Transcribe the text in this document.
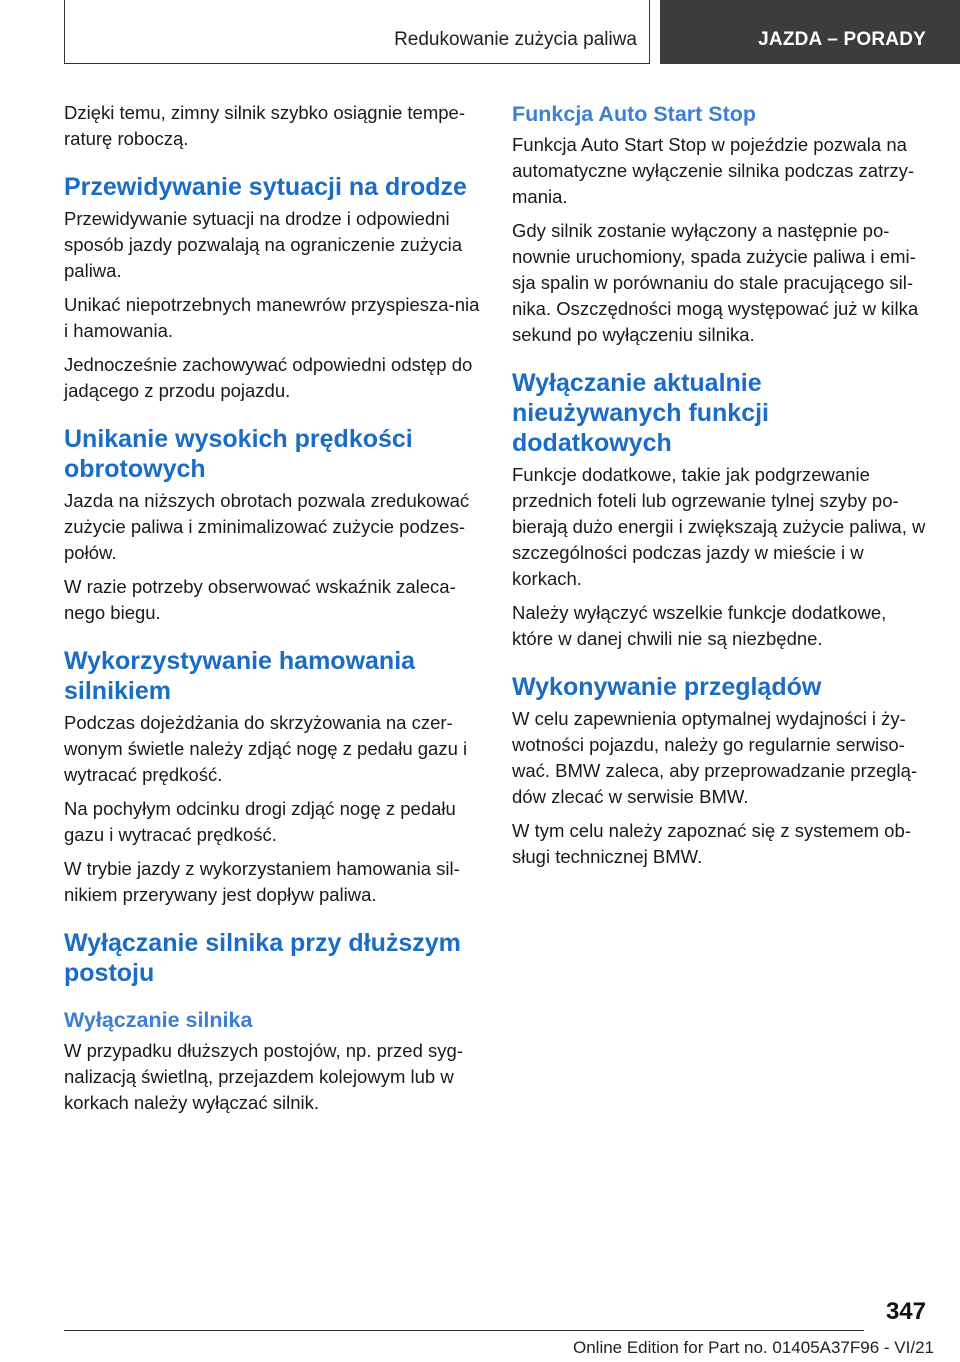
Redukowanie zużycia paliwa	JAZDA – PORADY

Dzięki temu, zimny silnik szybko osiągnie tempe-raturę roboczą.

Przewidywanie sytuacji na drodze

Przewidywanie sytuacji na drodze i odpowiedni sposób jazdy pozwalają na ograniczenie zużycia paliwa.

Unikać niepotrzebnych manewrów przyspiesza-nia i hamowania.

Jednocześnie zachowywać odpowiedni odstęp do jadącego z przodu pojazdu.

Unikanie wysokich prędkości obrotowych

Jazda na niższych obrotach pozwala zredukować zużycie paliwa i zminimalizować zużycie podzes-połów.

W razie potrzeby obserwować wskaźnik zaleca-nego biegu.

Wykorzystywanie hamowania silnikiem

Podczas dojeżdżania do skrzyżowania na czer-wonym świetle należy zdjąć nogę z pedału gazu i wytracać prędkość.

Na pochyłym odcinku drogi zdjąć nogę z pedału gazu i wytracać prędkość.

W trybie jazdy z wykorzystaniem hamowania sil-nikiem przerywany jest dopływ paliwa.

Wyłączanie silnika przy dłuższym postoju
Wyłączanie silnika

W przypadku dłuższych postojów, np. przed syg-nalizacją świetlną, przejazdem kolejowym lub w korkach należy wyłączać silnik.

Funkcja Auto Start Stop

Funkcja Auto Start Stop w pojeździe pozwala na automatyczne wyłączenie silnika podczas zatrzy-mania.

Gdy silnik zostanie wyłączony a następnie po-nownie uruchomiony, spada zużycie paliwa i emi-sja spalin w porównaniu do stale pracującego sil-nika. Oszczędności mogą występować już w kilka sekund po wyłączeniu silnika.

Wyłączanie aktualnie nieużywanych funkcji dodatkowych

Funkcje dodatkowe, takie jak podgrzewanie przednich foteli lub ogrzewanie tylnej szyby po-bierają dużo energii i zwiększają zużycie paliwa, w szczególności podczas jazdy w mieście i w korkach.

Należy wyłączyć wszelkie funkcje dodatkowe, które w danej chwili nie są niezbędne.

Wykonywanie przeglądów

W celu zapewnienia optymalnej wydajności i ży-wotności pojazdu, należy go regularnie serwiso-wać. BMW zaleca, aby przeprowadzanie przeglą-dów zlecać w serwisie BMW.

W tym celu należy zapoznać się z systemem ob-sługi technicznej BMW.

347
Online Edition for Part no. 01405A37F96 - VI/21
